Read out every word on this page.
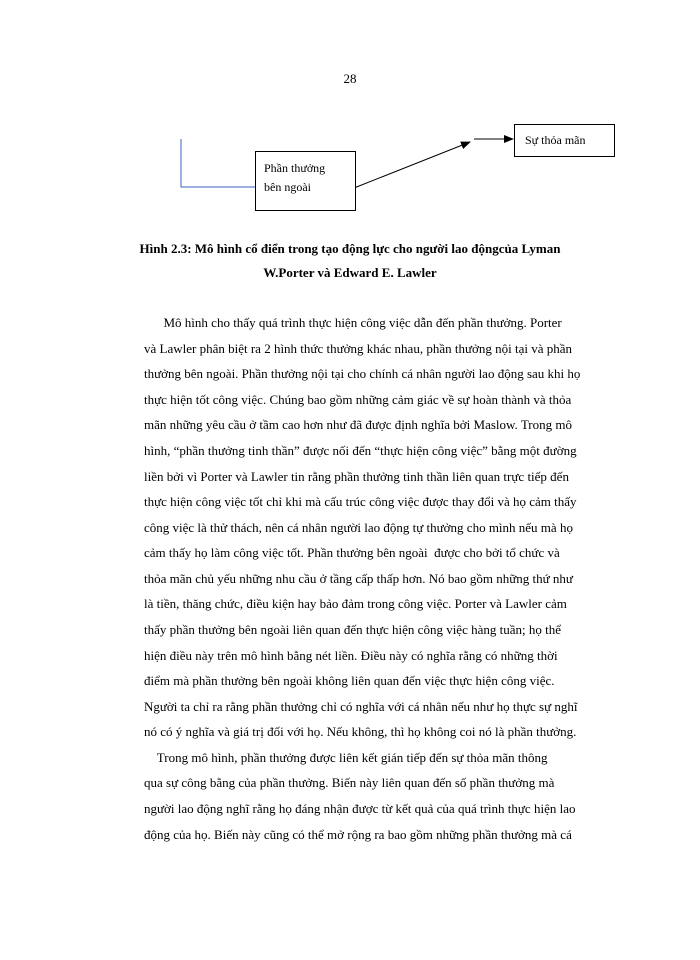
28
Phần thưởng
bên ngoài
Sự thỏa mãn
Hình 2.3: Mô hình cổ điển trong tạo động lực cho người lao độngcủa Lyman
W.Porter và Edward E. Lawler
Mô hình cho thấy quá trình thực hiện công việc dẫn đến phần thưởng. Porter
và Lawler phân biệt ra 2 hình thức thưởng khác nhau, phần thưởng nội tại và phần
thưởng bên ngoài. Phần thưởng nội tại cho chính cá nhân người lao động sau khi họ
thực hiện tốt công việc. Chúng bao gồm những cảm giác về sự hoàn thành và thỏa
mãn những yêu cầu ở tầm cao hơn như đã được định nghĩa bởi Maslow. Trong mô
hình, “phần thưởng tinh thần” được nối đến “thực hiện công việc” bằng một đường
liền bởi vì Porter và Lawler tin rằng phần thưởng tinh thần liên quan trực tiếp đến
thực hiện công việc tốt chỉ khi mà cấu trúc công việc được thay đổi và họ cảm thấy
công việc là thử thách, nên cá nhân người lao động tự thưởng cho mình nếu mà họ
cảm thấy họ làm công việc tốt. Phần thưởng bên ngoài  được cho bởi tổ chức và
thỏa mãn chủ yếu những nhu cầu ở tầng cấp thấp hơn. Nó bao gồm những thứ như
là tiền, thăng chức, điều kiện hay bảo đảm trong công việc. Porter và Lawler cảm
thấy phần thưởng bên ngoài liên quan đến thực hiện công việc hàng tuần; họ thể
hiện điều này trên mô hình bằng nét liền. Điều này có nghĩa rằng có những thời
điểm mà phần thưởng bên ngoài không liên quan đến việc thực hiện công việc.
Người ta chỉ ra rằng phần thưởng chỉ có nghĩa với cá nhân nếu như họ thực sự nghĩ
nó có ý nghĩa và giá trị đối với họ. Nếu không, thì họ không coi nó là phần thưởng.
Trong mô hình, phần thưởng được liên kết gián tiếp đến sự thỏa mãn thông
qua sự công bằng của phần thưởng. Biến này liên quan đến số phần thưởng mà
người lao động nghĩ rằng họ đáng nhận được từ kết quả của quá trình thực hiện lao
động của họ. Biến này cũng có thể mở rộng ra bao gồm những phần thưởng mà cá
